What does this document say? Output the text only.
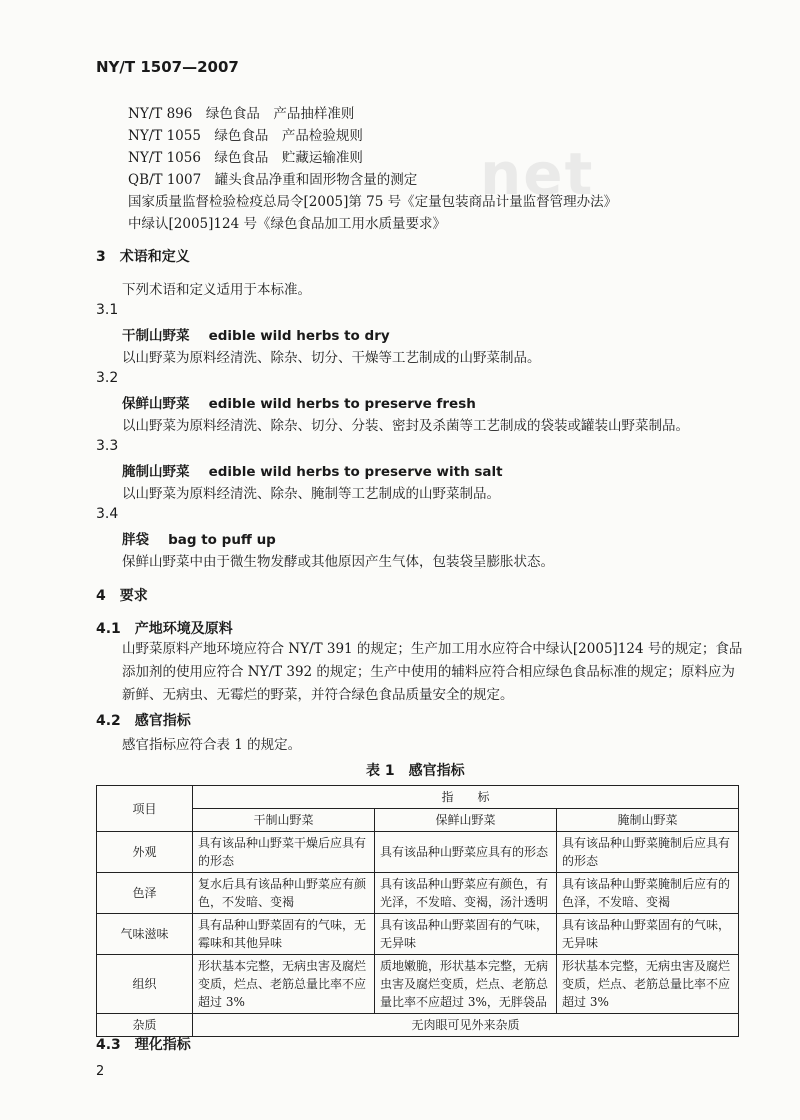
net
NY/T 1507—2007
NY/T 896　绿色食品　产品抽样准则
NY/T 1055　绿色食品　产品检验规则
NY/T 1056　绿色食品　贮藏运输准则
QB/T 1007　罐头食品净重和固形物含量的测定
国家质量监督检验检疫总局令[2005]第 75 号《定量包装商品计量监督管理办法》
中绿认[2005]124 号《绿色食品加工用水质量要求》
3　术语和定义
下列术语和定义适用于本标准。
3.1
干制山野菜 edible wild herbs to dry
以山野菜为原料经清洗、除杂、切分、干燥等工艺制成的山野菜制品。
3.2
保鲜山野菜 edible wild herbs to preserve fresh
以山野菜为原料经清洗、除杂、切分、分装、密封及杀菌等工艺制成的袋装或罐装山野菜制品。
3.3
腌制山野菜 edible wild herbs to preserve with salt
以山野菜为原料经清洗、除杂、腌制等工艺制成的山野菜制品。
3.4
胖袋 bag to puff up
保鲜山野菜中由于微生物发酵或其他原因产生气体，包装袋呈膨胀状态。
4　要求
4.1　产地环境及原料
山野菜原料产地环境应符合 NY/T 391 的规定；生产加工用水应符合中绿认[2005]124 号的规定；食品添加剂的使用应符合 NY/T 392 的规定；生产中使用的辅料应符合相应绿色食品标准的规定；原料应为新鲜、无病虫、无霉烂的野菜，并符合绿色食品质量安全的规定。
4.2　感官指标
感官指标应符合表 1 的规定。
表 1　感官指标
项目	指　　标		
	干制山野菜	保鲜山野菜	腌制山野菜
外观	具有该品种山野菜干燥后应具有的形态	具有该品种山野菜应具有的形态	具有该品种山野菜腌制后应具有的形态
色泽	复水后具有该品种山野菜应有颜色，不发暗、变褐	具有该品种山野菜应有颜色，有光泽，不发暗、变褐，汤汁透明	具有该品种山野菜腌制后应有的色泽，不发暗、变褐
气味滋味	具有品种山野菜固有的气味，无霉味和其他异味	具有该品种山野菜固有的气味，无异味	具有该品种山野菜固有的气味，无异味
组织	形状基本完整，无病虫害及腐烂变质，烂点、老筋总量比率不应超过 3%	质地嫩脆，形状基本完整，无病虫害及腐烂变质，烂点、老筋总量比率不应超过 3%，无胖袋品	形状基本完整，无病虫害及腐烂变质，烂点、老筋总量比率不应超过 3%
杂质	无肉眼可见外来杂质		
4.3　理化指标
2
